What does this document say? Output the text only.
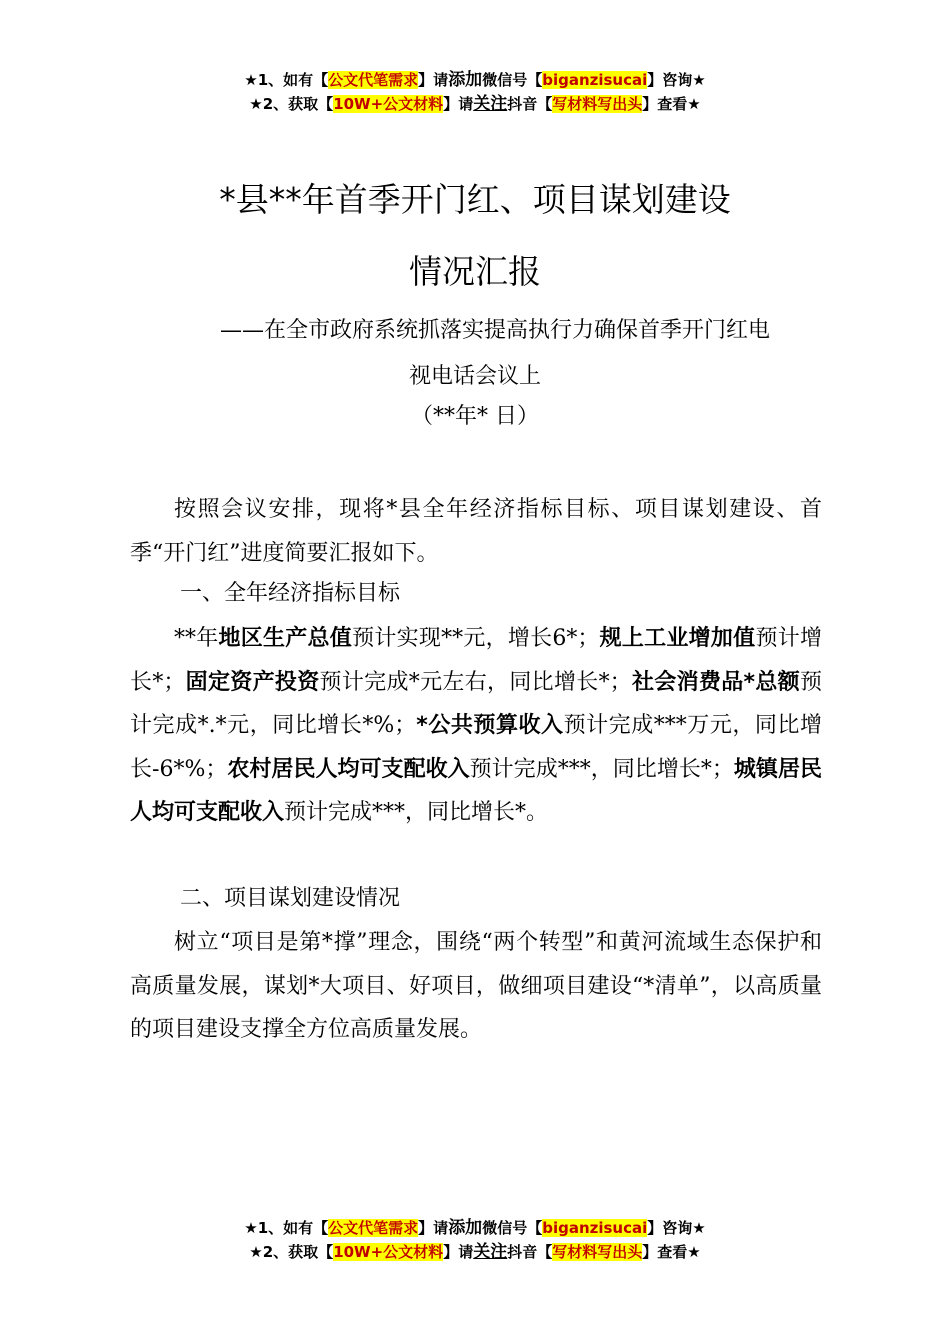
★1、如有【公文代笔需求】请添加微信号【biganzisucai】咨询★
★2、获取【10W+公文材料】请关注抖音【写材料写出头】查看★
*县**年首季开门红、项目谋划建设
情况汇报
——在全市政府系统抓落实提高执行力确保首季开门红电
视电话会议上
（**年* 日）

按照会议安排，现将*县全年经济指标目标、项目谋划建设、首季“开门红”进度简要汇报如下。

一、全年经济指标目标

**年地区生产总值预计实现**元，增长6*；规上工业增加值预计增长*；固定资产投资预计完成*元左右，同比增长*；社会消费品*总额预计完成*.*元，同比增长*%；*公共预算收入预计完成***万元，同比增长-6*%；农村居民人均可支配收入预计完成***，同比增长*；城镇居民人均可支配收入预计完成***，同比增长*。

二、项目谋划建设情况

树立“项目是第*撑”理念，围绕“两个转型”和黄河流域生态保护和高质量发展，谋划*大项目、好项目，做细项目建设“*清单”，以高质量的项目建设支撑全方位高质量发展。

★1、如有【公文代笔需求】请添加微信号【biganzisucai】咨询★
★2、获取【10W+公文材料】请关注抖音【写材料写出头】查看★
